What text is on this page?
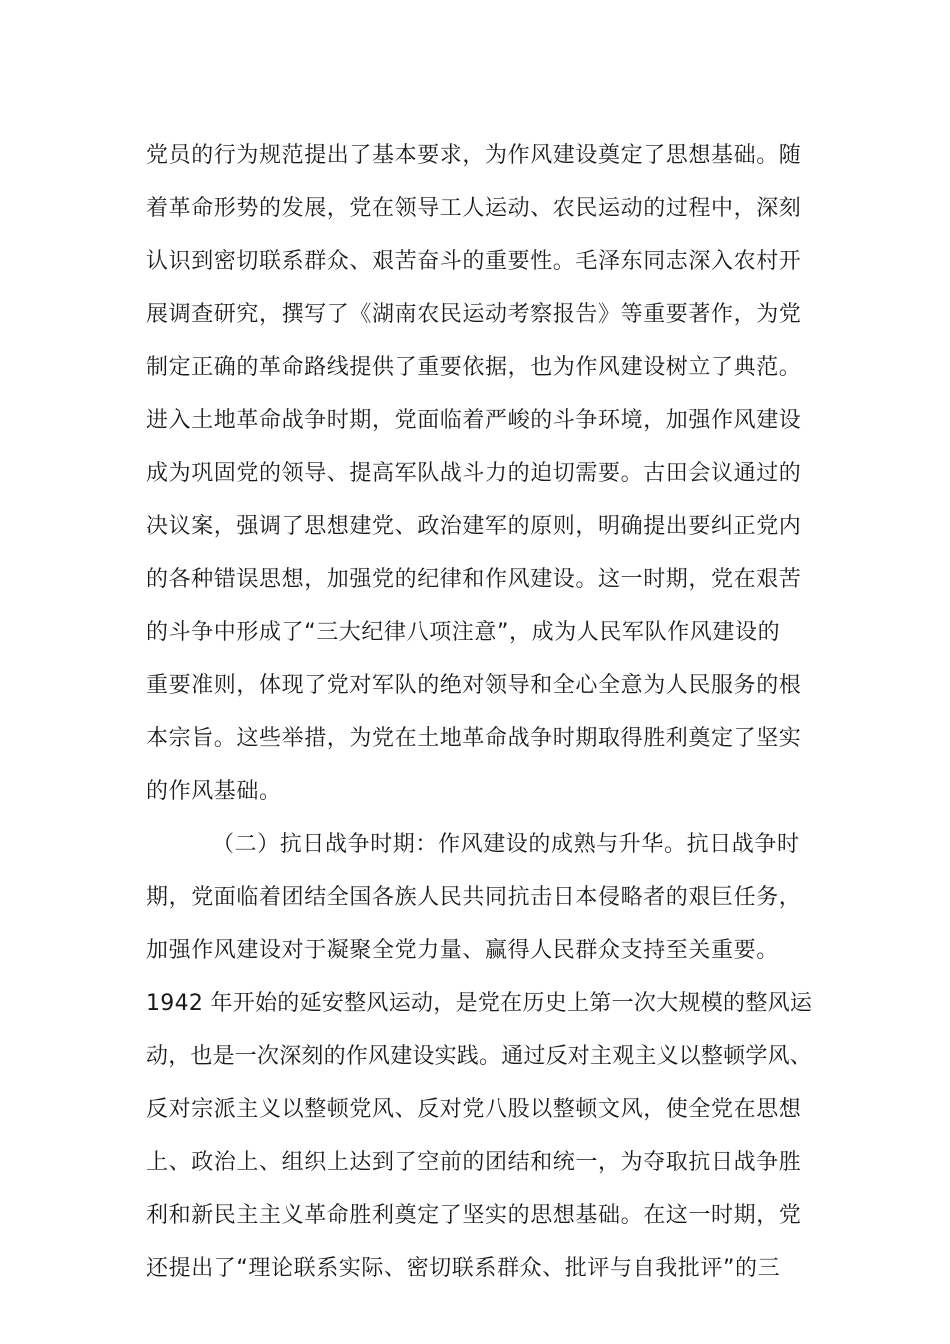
党员的行为规范提出了基本要求，为作风建设奠定了思想基础。随
着革命形势的发展，党在领导工人运动、农民运动的过程中，深刻
认识到密切联系群众、艰苦奋斗的重要性。毛泽东同志深入农村开
展调查研究，撰写了《湖南农民运动考察报告》等重要著作，为党
制定正确的革命路线提供了重要依据，也为作风建设树立了典范。
进入土地革命战争时期，党面临着严峻的斗争环境，加强作风建设
成为巩固党的领导、提高军队战斗力的迫切需要。古田会议通过的
决议案，强调了思想建党、政治建军的原则，明确提出要纠正党内
的各种错误思想，加强党的纪律和作风建设。这一时期，党在艰苦
的斗争中形成了“三大纪律八项注意”，成为人民军队作风建设的
重要准则，体现了党对军队的绝对领导和全心全意为人民服务的根
本宗旨。这些举措，为党在土地革命战争时期取得胜利奠定了坚实
的作风基础。
（二）抗日战争时期：作风建设的成熟与升华。抗日战争时
期，党面临着团结全国各族人民共同抗击日本侵略者的艰巨任务，
加强作风建设对于凝聚全党力量、赢得人民群众支持至关重要。
1942 年开始的延安整风运动，是党在历史上第一次大规模的整风运
动，也是一次深刻的作风建设实践。通过反对主观主义以整顿学风、
反对宗派主义以整顿党风、反对党八股以整顿文风，使全党在思想
上、政治上、组织上达到了空前的团结和统一，为夺取抗日战争胜
利和新民主主义革命胜利奠定了坚实的思想基础。在这一时期，党
还提出了“理论联系实际、密切联系群众、批评与自我批评”的三
